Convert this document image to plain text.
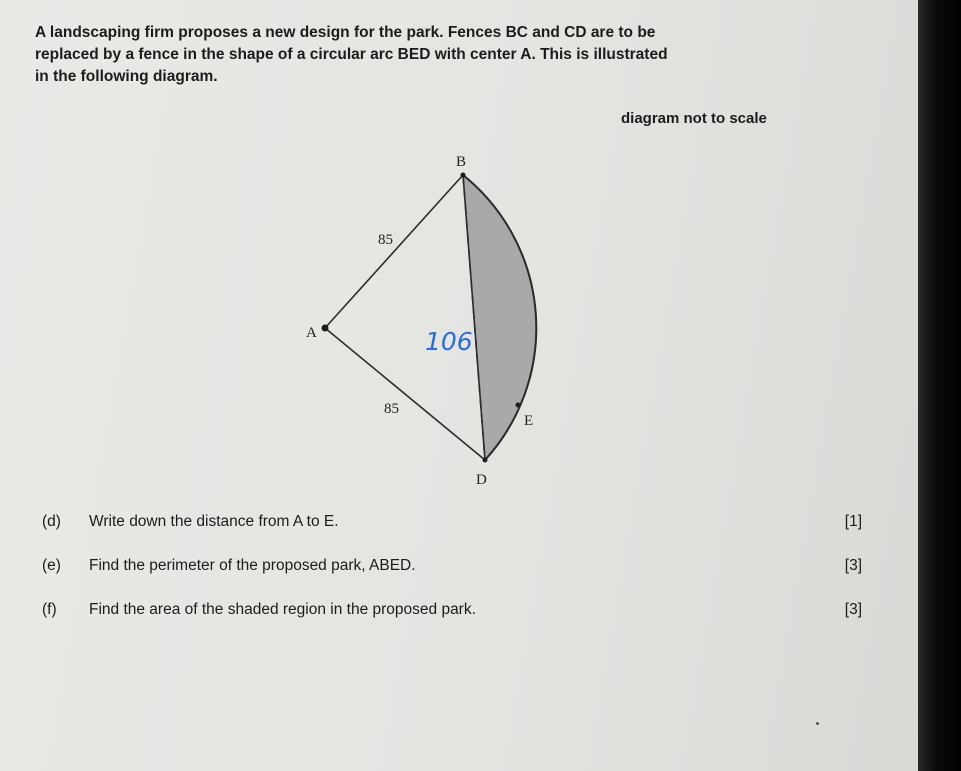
A landscaping firm proposes a new design for the park. Fences BC and CD are to be
replaced by a fence in the shape of a circular arc BED with center A. This is illustrated
in the following diagram.
diagram not to scale
B
A
E
D
85
85
106
(d) Write down the distance from A to E.	[1]
(e) Find the perimeter of the proposed park, ABED.	[3]
(f) Find the area of the shaded region in the proposed park.	[3]
